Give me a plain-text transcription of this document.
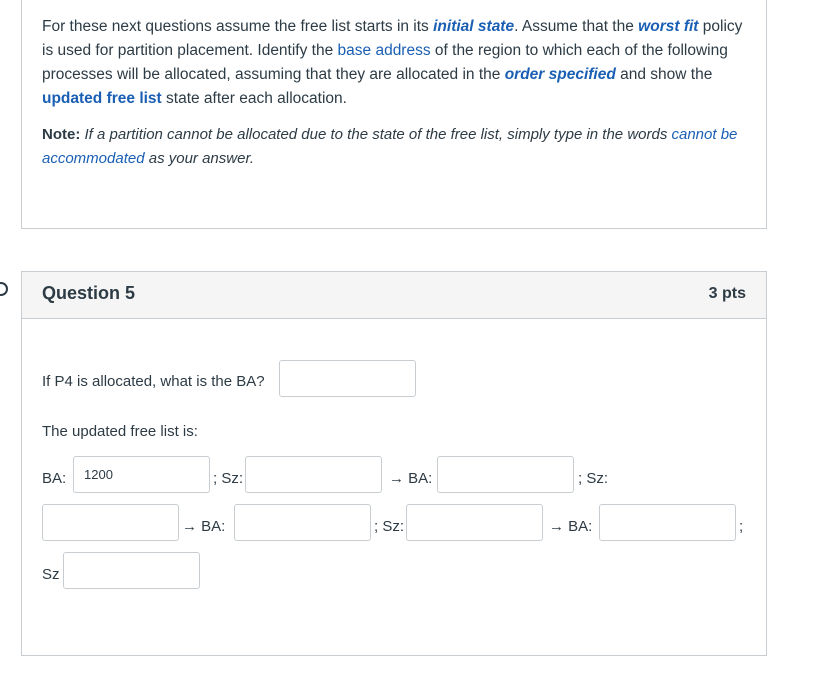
For these next questions assume the free list starts in its initial state. Assume that the worst fit policy is used for partition placement. Identify the base address of the region to which each of the following processes will be allocated, assuming that they are allocated in the order specified and show the updated free list state after each allocation.

Note: If a partition cannot be allocated due to the state of the free list, simply type in the words cannot be accommodated as your answer.
Question 5	3 pts
If P4 is allocated, what is the BA?
The updated free list is:
BA:
1200	; Sz:	→ BA:	; Sz:
→ BA:	; Sz:	→ BA:	;
Sz
